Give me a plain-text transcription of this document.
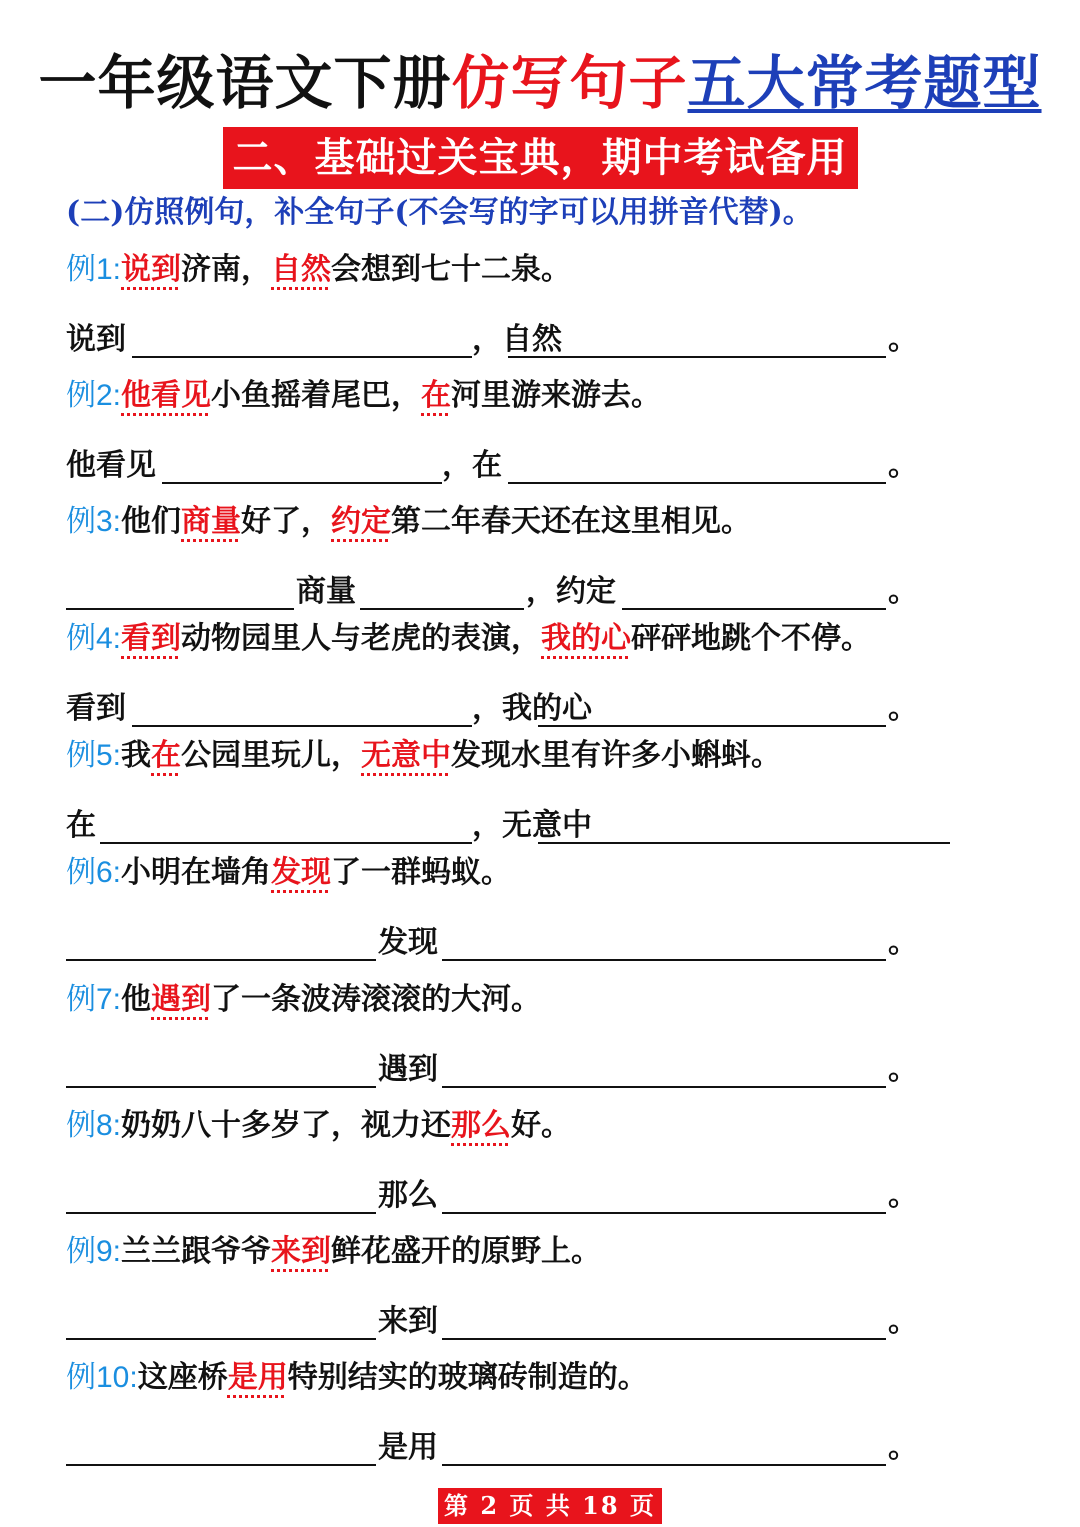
一年级语文下册仿写句子五大常考题型
二、基础过关宝典，期中考试备用
(二)仿照例句，补全句子(不会写的字可以用拼音代替)。
例1:说到济南，自然会想到七十二泉。
说到	，自然	。
例2:他看见小鱼摇着尾巴，在河里游来游去。
他看见	，在	。
例3:他们商量好了，约定第二年春天还在这里相见。
商量	，约定	。
例4:看到动物园里人与老虎的表演，我的心砰砰地跳个不停。
看到	，我的心	。
例5:我在公园里玩儿，无意中发现水里有许多小蝌蚪。
在	，无意中
例6:小明在墙角发现了一群蚂蚁。
发现	。
例7:他遇到了一条波涛滚滚的大河。
遇到	。
例8:奶奶八十多岁了，视力还那么好。
那么	。
例9:兰兰跟爷爷来到鲜花盛开的原野上。
来到	。
例10:这座桥是用特别结实的玻璃砖制造的。
是用	。
第 2 页 共 18 页
